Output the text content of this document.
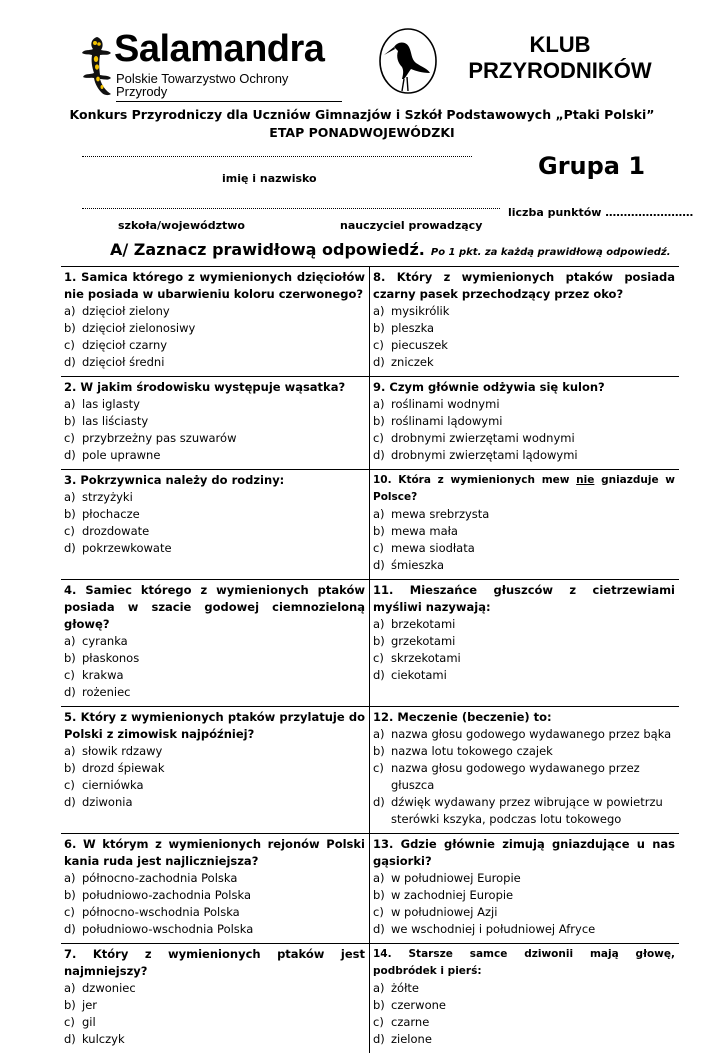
Salamandra
Polskie Towarzystwo Ochrony Przyrody
KLUB
PRZYRODNIKÓW
Konkurs Przyrodniczy dla Uczniów Gimnazjów i Szkół Podstawowych „Ptaki Polski”
ETAP PONADWOJEWÓDZKI
imię i nazwisko	Grupa 1
szkoła/województwo	nauczyciel prowadzący
liczba punktów ……………………
A/ Zaznacz prawidłową odpowiedź. Po 1 pkt. za każdą prawidłową odpowiedź.
1. Samica którego z wymienionych dzięciołów nie posiada w ubarwieniu koloru czerwonego?
a) dzięcioł zielony
b) dzięcioł zielonosiwy
c) dzięcioł czarny
d) dzięcioł średni
8. Który z wymienionych ptaków posiada czarny pasek przechodzący przez oko?
a) mysikrólik
b) pleszka
c) piecuszek
d) zniczek
2. W jakim środowisku występuje wąsatka?
a) las iglasty
b) las liściasty
c) przybrzeżny pas szuwarów
d) pole uprawne
9. Czym głównie odżywia się kulon?
a) roślinami wodnymi
b) roślinami lądowymi
c) drobnymi zwierzętami wodnymi
d) drobnymi zwierzętami lądowymi
3. Pokrzywnica należy do rodziny:
a) strzyżyki
b) płochacze
c) drozdowate
d) pokrzewkowate
10. Która z wymienionych mew nie gniazduje w Polsce?
a) mewa srebrzysta
b) mewa mała
c) mewa siodłata
d) śmieszka
4. Samiec którego z wymienionych ptaków posiada w szacie godowej ciemnozieloną głowę?
a) cyranka
b) płaskonos
c) krakwa
d) rożeniec
11. Mieszańce głuszców z cietrzewiami myśliwi nazywają:
a) brzekotami
b) grzekotami
c) skrzekotami
d) ciekotami
5. Który z wymienionych ptaków przylatuje do Polski z zimowisk najpóźniej?
a) słowik rdzawy
b) drozd śpiewak
c) cierniówka
d) dziwonia
12. Meczenie (beczenie) to:
a) nazwa głosu godowego wydawanego przez bąka
b) nazwa lotu tokowego czajek
c) nazwa głosu godowego wydawanego przez głuszca
d) dźwięk wydawany przez wibrujące w powietrzu sterówki kszyka, podczas lotu tokowego
6. W którym z wymienionych rejonów Polski kania ruda jest najliczniejsza?
a) północno-zachodnia Polska
b) południowo-zachodnia Polska
c) północno-wschodnia Polska
d) południowo-wschodnia Polska
13. Gdzie głównie zimują gniazdujące u nas gąsiorki?
a) w południowej Europie
b) w zachodniej Europie
c) w południowej Azji
d) we wschodniej i południowej Afryce
7. Który z wymienionych ptaków jest najmniejszy?
a) dzwoniec
b) jer
c) gil
d) kulczyk
14. Starsze samce dziwonii mają głowę, podbródek i pierś:
a) żółte
b) czerwone
c) czarne
d) zielone
